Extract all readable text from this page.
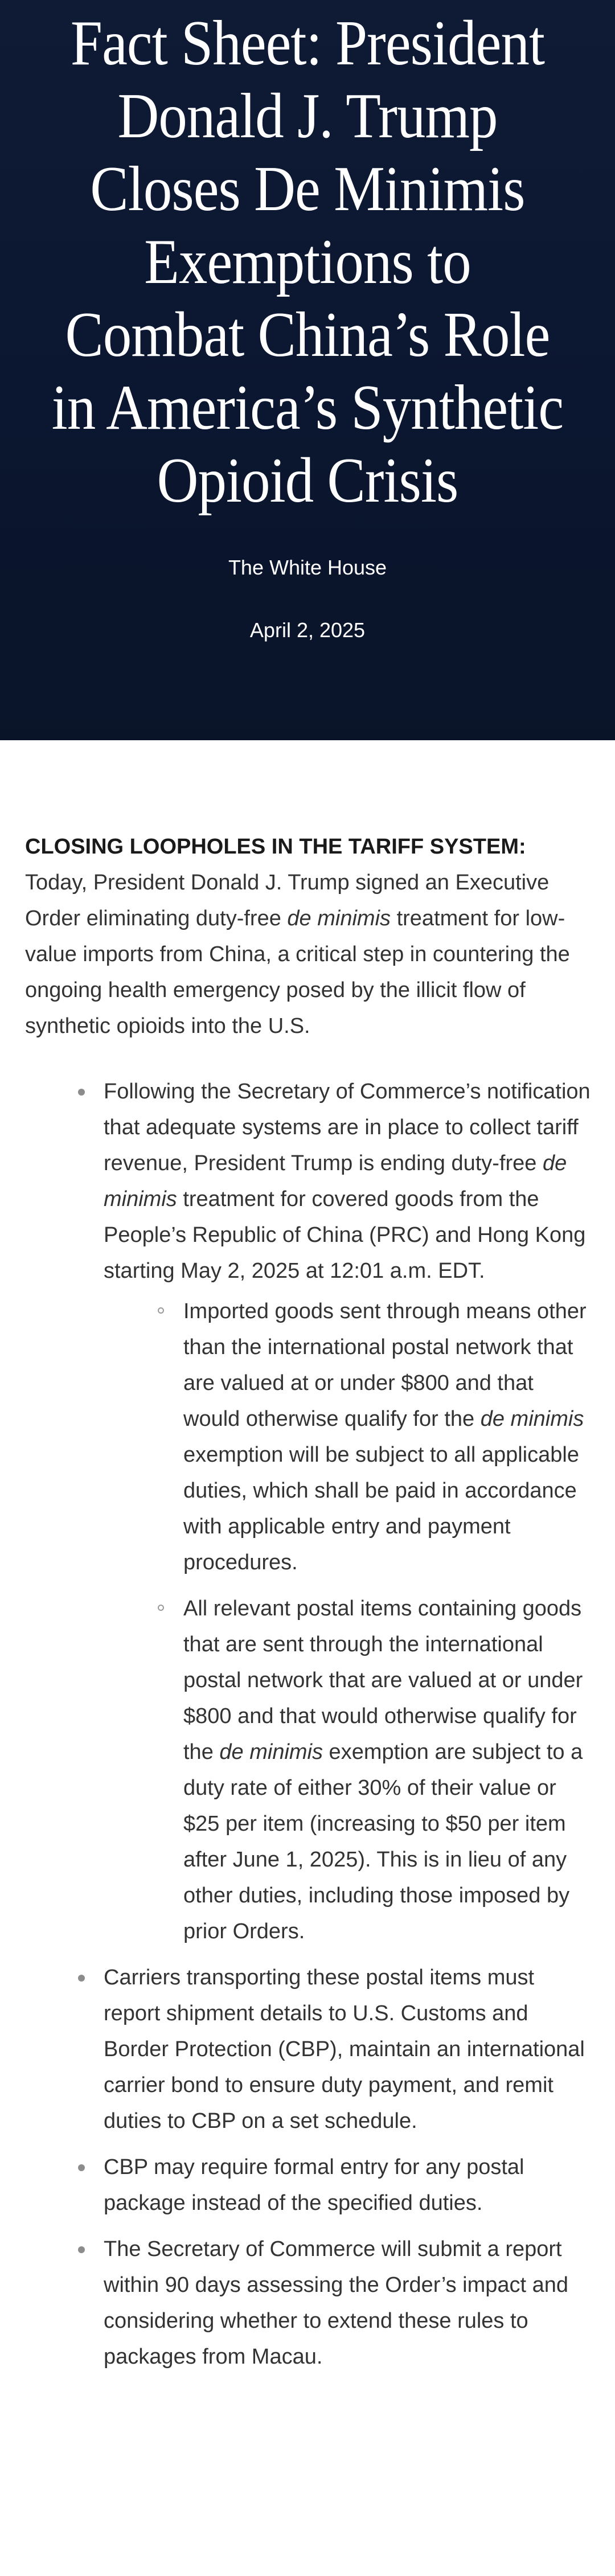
Fact Sheet: President Donald J. Trump Closes De Minimis Exemptions to Combat China’s Role in America’s Synthetic Opioid Crisis

The White House

April 2, 2025

CLOSING LOOPHOLES IN THE TARIFF SYSTEM:
Today, President Donald J. Trump signed an Executive Order eliminating duty-free de minimis treatment for low-value imports from China, a critical step in countering the ongoing health emergency posed by the illicit flow of synthetic opioids into the U.S.

Following the Secretary of Commerce’s notification that adequate systems are in place to collect tariff revenue, President Trump is ending duty-free de minimis treatment for covered goods from the People’s Republic of China (PRC) and Hong Kong starting May 2, 2025 at 12:01 a.m. EDT.
Imported goods sent through means other than the international postal network that are valued at or under $800 and that would otherwise qualify for the de minimis exemption will be subject to all applicable duties, which shall be paid in accordance with applicable entry and payment procedures.
All relevant postal items containing goods that are sent through the international postal network that are valued at or under $800 and that would otherwise qualify for the de minimis exemption are subject to a duty rate of either 30% of their value or $25 per item (increasing to $50 per item after June 1, 2025). This is in lieu of any other duties, including those imposed by prior Orders.
Carriers transporting these postal items must report shipment details to U.S. Customs and Border Protection (CBP), maintain an international carrier bond to ensure duty payment, and remit duties to CBP on a set schedule.
CBP may require formal entry for any postal package instead of the specified duties.
The Secretary of Commerce will submit a report within 90 days assessing the Order’s impact and considering whether to extend these rules to packages from Macau.
